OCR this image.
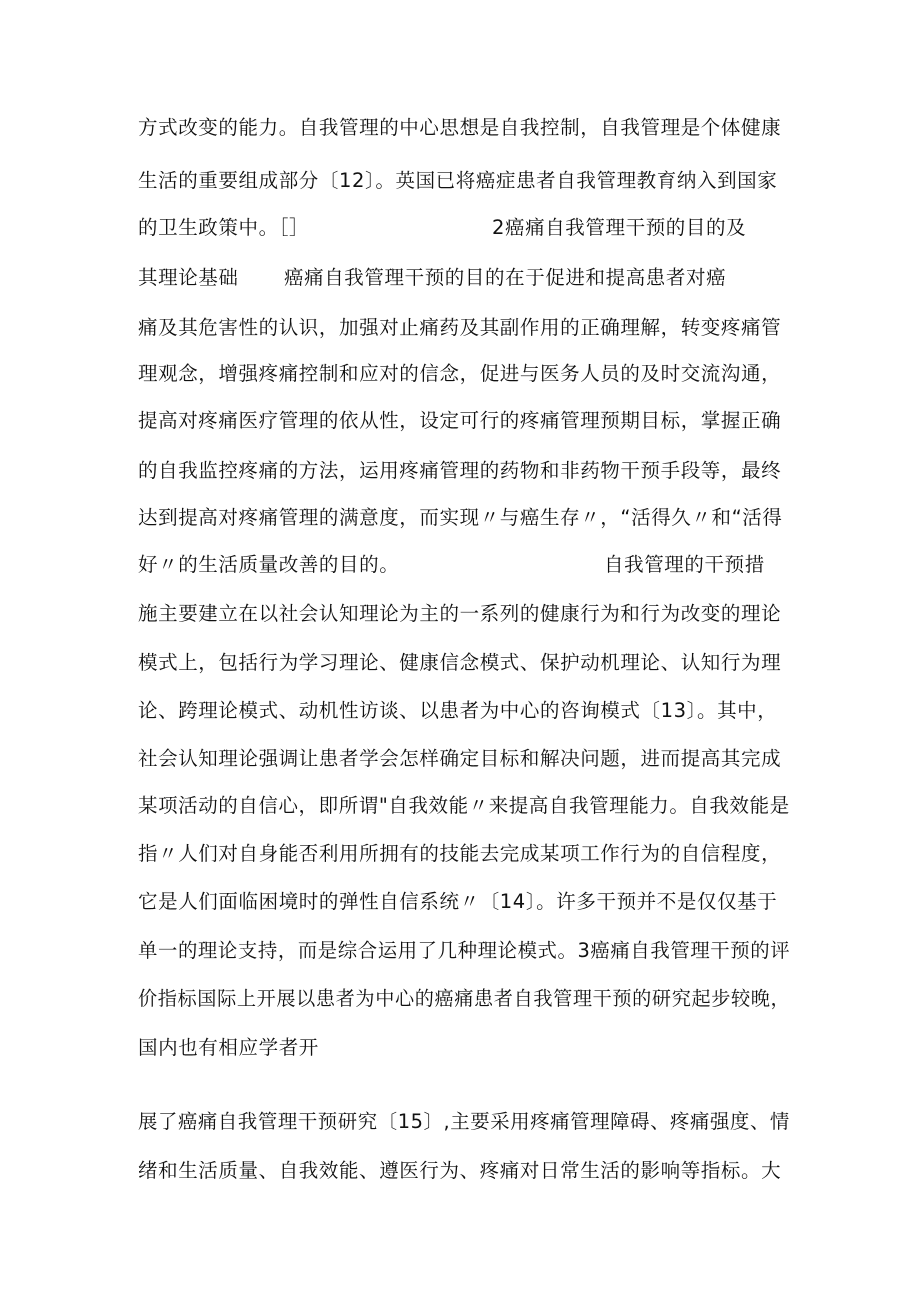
方式改变的能力。自我管理的中心思想是自我控制，自我管理是个体健康
生活的重要组成部分〔12〕。英国已将癌症患者自我管理教育纳入到国家
的卫生政策中。［］	2癌痛自我管理干预的目的及
其理论基础 癌痛自我管理干预的目的在于促进和提高患者对癌
痛及其危害性的认识，加强对止痛药及其副作用的正确理解，转变疼痛管
理观念，增强疼痛控制和应对的信念，促进与医务人员的及时交流沟通，
提高对疼痛医疗管理的依从性，设定可行的疼痛管理预期目标，掌握正确
的自我监控疼痛的方法，运用疼痛管理的药物和非药物干预手段等，最终
达到提高对疼痛管理的满意度，而实现〃与癌生存〃，“活得久〃和“活得
好〃的生活质量改善的目的。	自我管理的干预措
施主要建立在以社会认知理论为主的一系列的健康行为和行为改变的理论
模式上，包括行为学习理论、健康信念模式、保护动机理论、认知行为理
论、跨理论模式、动机性访谈、以患者为中心的咨询模式〔13〕。其中，
社会认知理论强调让患者学会怎样确定目标和解决问题，进而提高其完成
某项活动的自信心，即所谓"自我效能〃来提高自我管理能力。自我效能是
指〃人们对自身能否利用所拥有的技能去完成某项工作行为的自信程度，
它是人们面临困境时的弹性自信系统〃〔14〕。许多干预并不是仅仅基于
单一的理论支持，而是综合运用了几种理论模式。3癌痛自我管理干预的评
价指标国际上开展以患者为中心的癌痛患者自我管理干预的研究起步较晚，
国内也有相应学者开
展了癌痛自我管理干预研究〔15〕,主要采用疼痛管理障碍、疼痛强度、情
绪和生活质量、自我效能、遵医行为、疼痛对日常生活的影响等指标。大
